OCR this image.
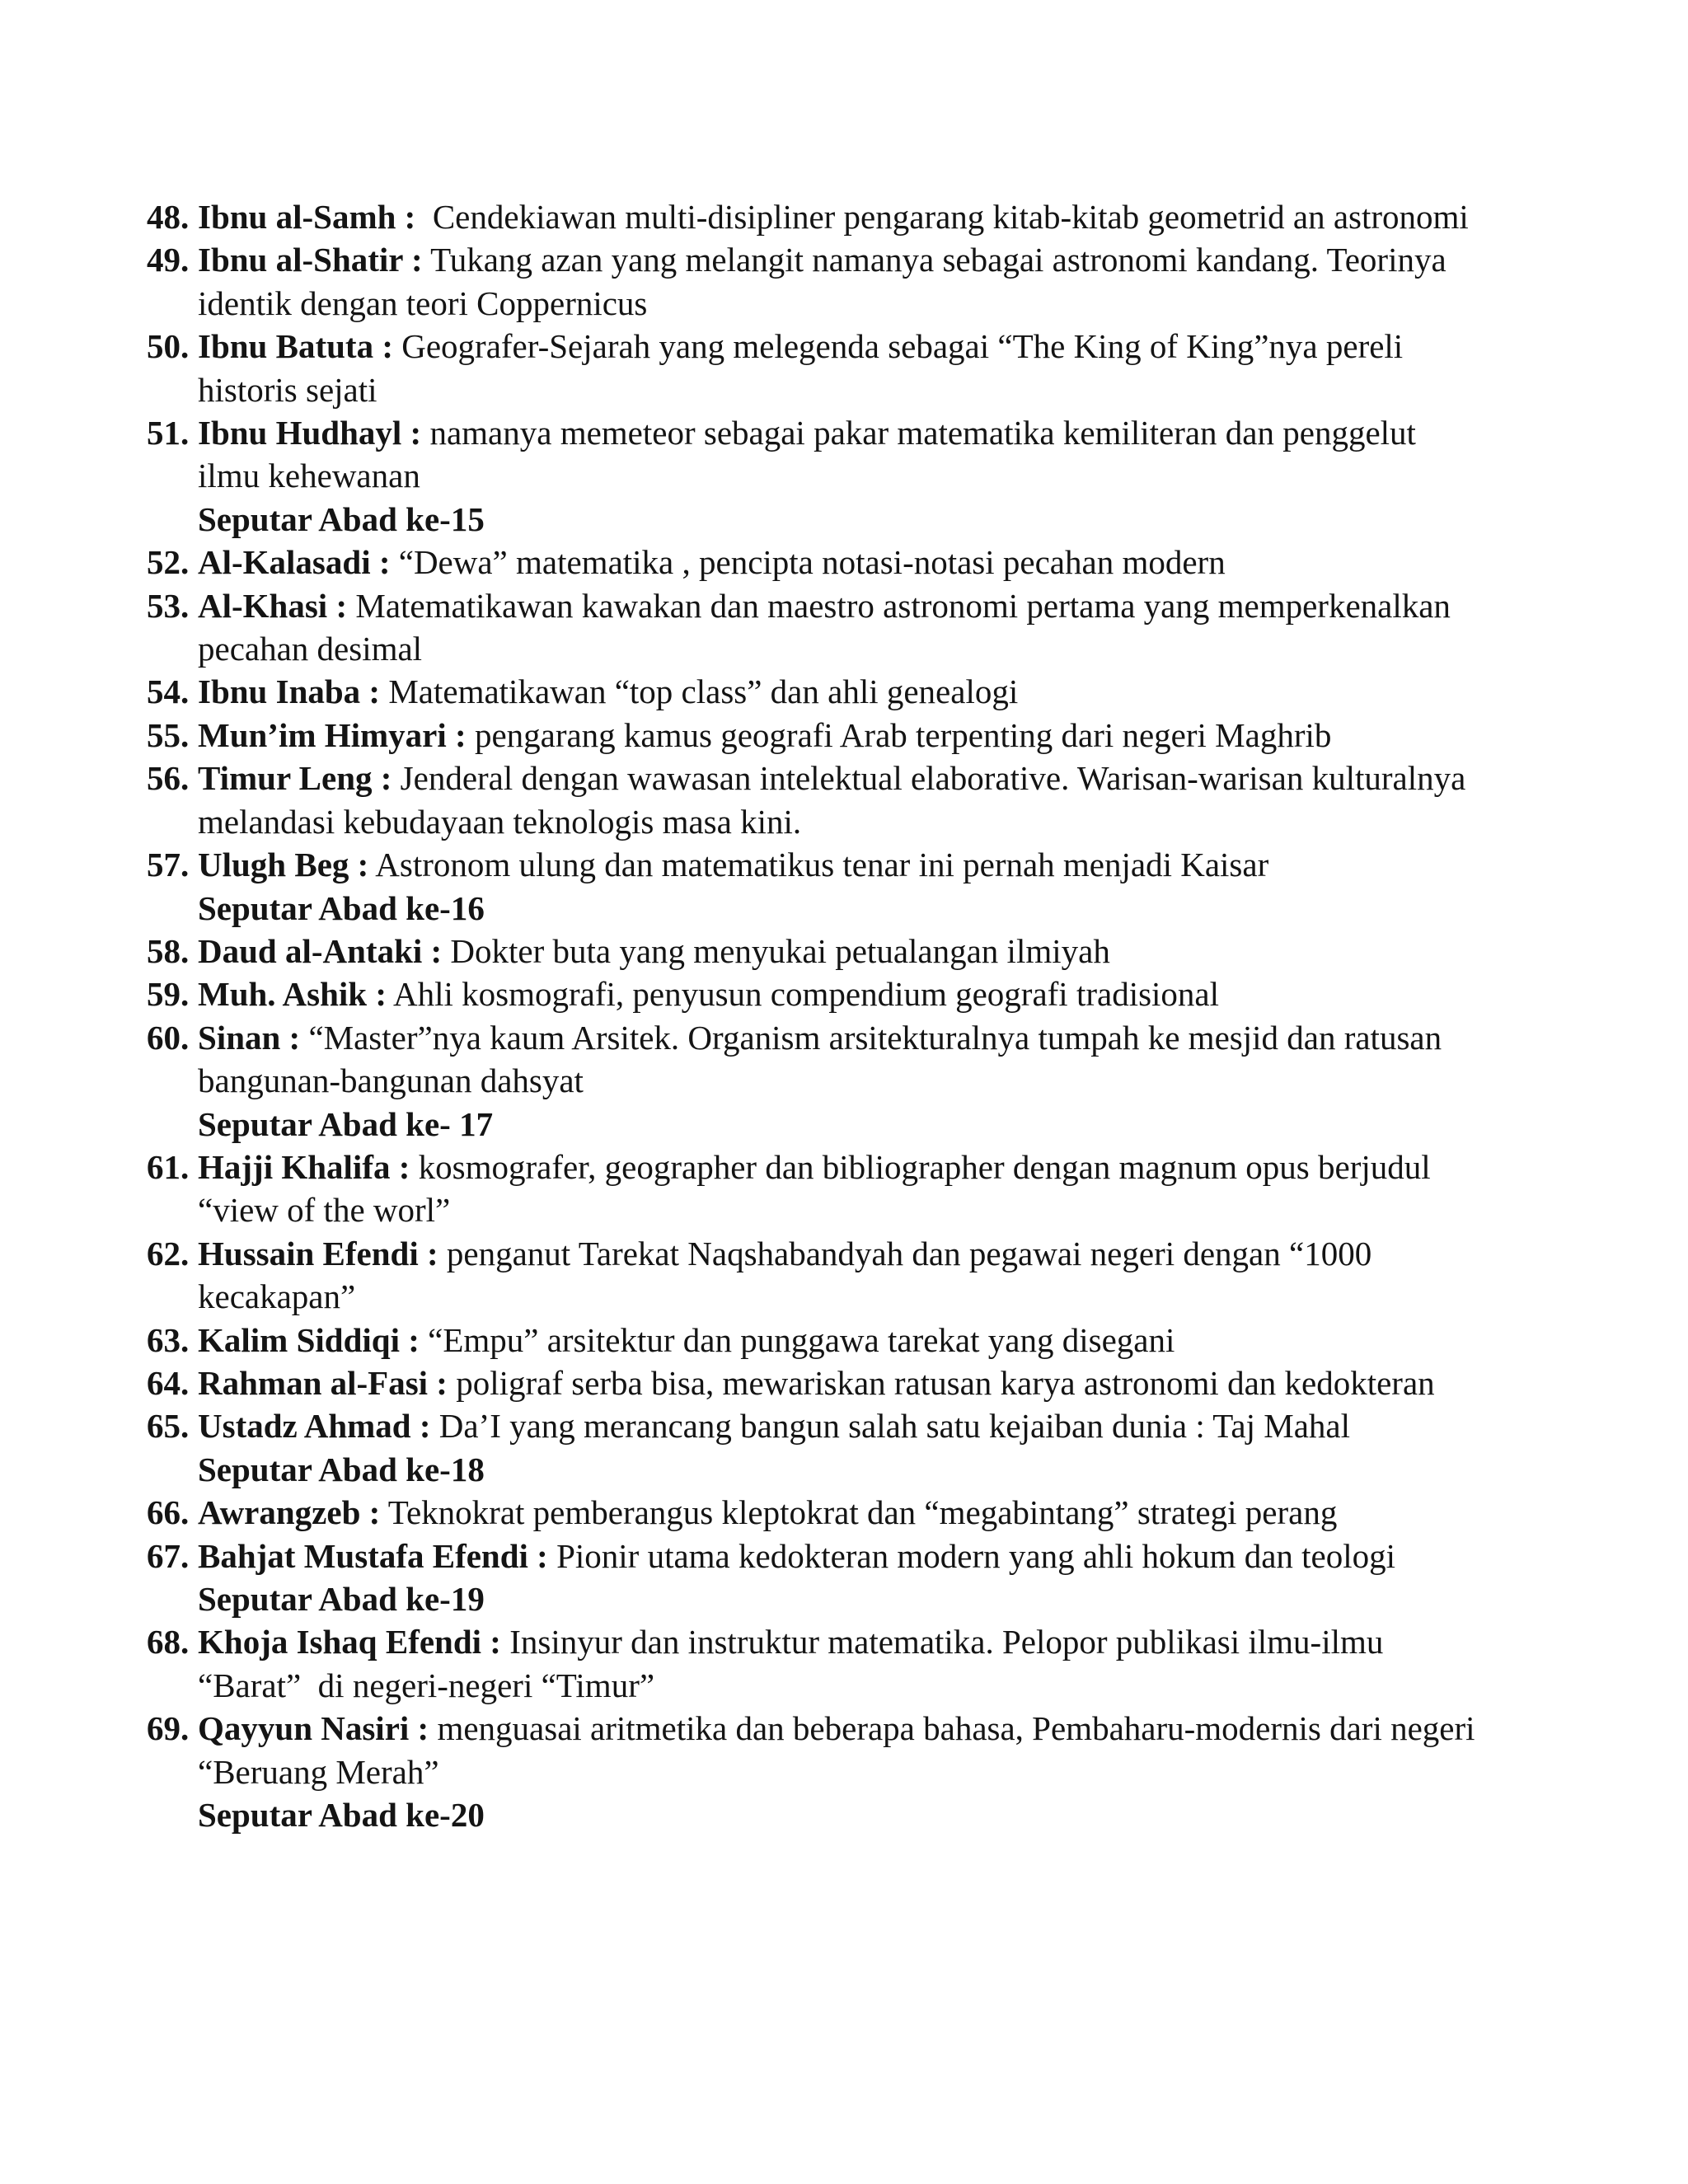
48. Ibnu al-Samh :  Cendekiawan multi-disipliner pengarang kitab-kitab geometrid an astronomi
49. Ibnu al-Shatir : Tukang azan yang melangit namanya sebagai astronomi kandang. Teorinya identik dengan teori Coppernicus
50. Ibnu Batuta : Geografer-Sejarah yang melegenda sebagai “The King of King”nya pereli historis sejati
51. Ibnu Hudhayl : namanya memeteor sebagai pakar matematika kemiliteran dan penggelut ilmu kehewanan
Seputar Abad ke-15
52. Al-Kalasadi : “Dewa” matematika , pencipta notasi-notasi pecahan modern
53. Al-Khasi : Matematikawan kawakan dan maestro astronomi pertama yang memperkenalkan pecahan desimal
54. Ibnu Inaba : Matematikawan “top class” dan ahli genealogi
55. Mun’im Himyari : pengarang kamus geografi Arab terpenting dari negeri Maghrib
56. Timur Leng : Jenderal dengan wawasan intelektual elaborative. Warisan-warisan kulturalnya melandasi kebudayaan teknologis masa kini.
57. Ulugh Beg : Astronom ulung dan matematikus tenar ini pernah menjadi Kaisar
Seputar Abad ke-16
58. Daud al-Antaki : Dokter buta yang menyukai petualangan ilmiyah
59. Muh. Ashik : Ahli kosmografi, penyusun compendium geografi tradisional
60. Sinan : “Master”nya kaum Arsitek. Organism arsitekturalnya tumpah ke mesjid dan ratusan bangunan-bangunan dahsyat
Seputar Abad ke- 17
61. Hajji Khalifa : kosmografer, geographer dan bibliographer dengan magnum opus berjudul “view of the worl”
62. Hussain Efendi : penganut Tarekat Naqshabandyah dan pegawai negeri dengan “1000 kecakapan”
63. Kalim Siddiqi : “Empu” arsitektur dan punggawa tarekat yang disegani
64. Rahman al-Fasi : poligraf serba bisa, mewariskan ratusan karya astronomi dan kedokteran
65. Ustadz Ahmad : Da’I yang merancang bangun salah satu kejaiban dunia : Taj Mahal
Seputar Abad ke-18
66. Awrangzeb : Teknokrat pemberangus kleptokrat dan “megabintang” strategi perang
67. Bahjat Mustafa Efendi : Pionir utama kedokteran modern yang ahli hokum dan teologi
Seputar Abad ke-19
68. Khoja Ishaq Efendi : Insinyur dan instruktur matematika. Pelopor publikasi ilmu-ilmu “Barat”  di negeri-negeri “Timur”
69. Qayyun Nasiri : menguasai aritmetika dan beberapa bahasa, Pembaharu-modernis dari negeri “Beruang Merah”
Seputar Abad ke-20
